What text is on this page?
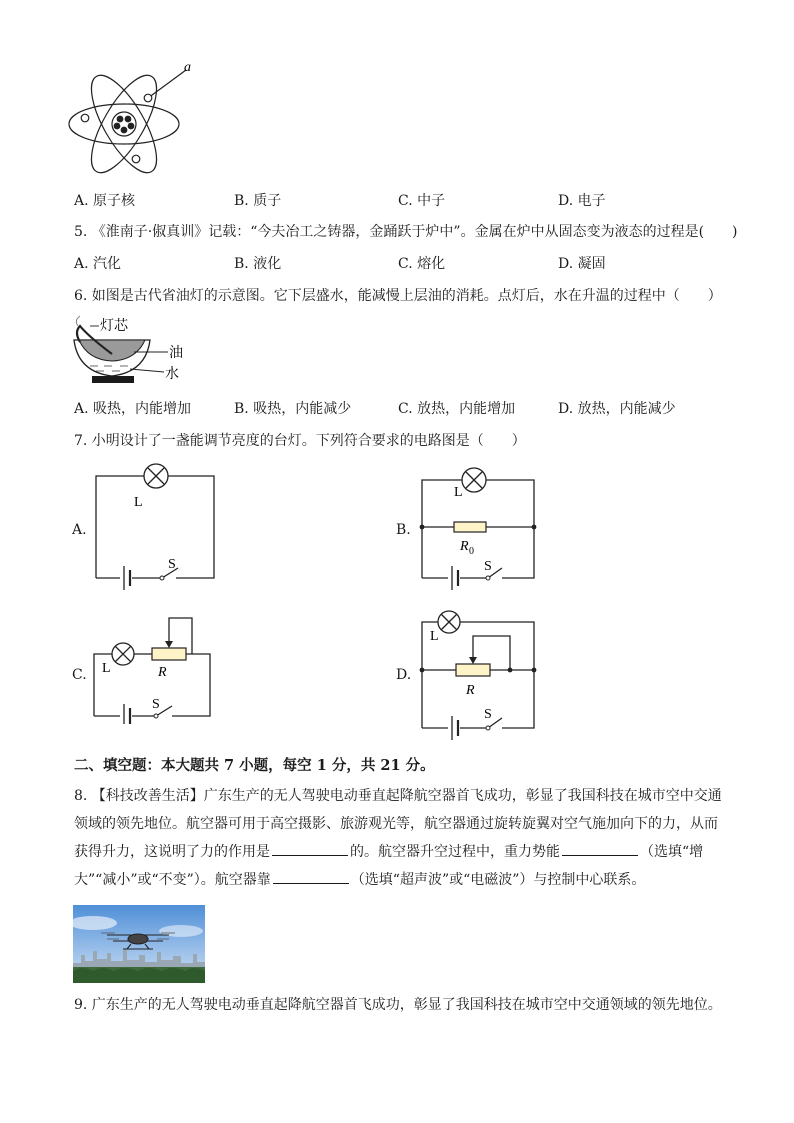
a
A. 原子核	B. 质子	C. 中子	D. 电子
5. 《淮南子·俶真训》记载：“今夫冶工之铸器，金踊跃于炉中”。金属在炉中从固态变为液态的过程是(　　)
A. 汽化	B. 液化	C. 熔化	D. 凝固
6. 如图是古代省油灯的示意图。它下层盛水，能减慢上层油的消耗。点灯后，水在升温的过程中（　　）
灯芯
油
水
A. 吸热，内能增加	B. 吸热，内能减少	C. 放热，内能增加	D. 放热，内能减少
7. 小明设计了一盏能调节亮度的台灯。下列符合要求的电路图是（　　）
A.
L
S
B.
L
R 0
S
C. L	R
S
D.
L
R
S
二、填空题：本大题共 7 小题，每空 1 分，共 21 分。
8. 【科技改善生活】广东生产的无人驾驶电动垂直起降航空器首飞成功，彰显了我国科技在城市空中交通领域的领先地位。航空器可用于高空摄影、旅游观光等，航空器通过旋转旋翼对空气施加向下的力，从而获得升力，这说明了力的作用是	的。航空器升空过程中，重力势能	（选填“增大”“减小”或“不变”）。航空器靠	（选填“超声波”或“电磁波”）与控制中心联系。
9. 广东生产的无人驾驶电动垂直起降航空器首飞成功，彰显了我国科技在城市空中交通领域的领先地位。
